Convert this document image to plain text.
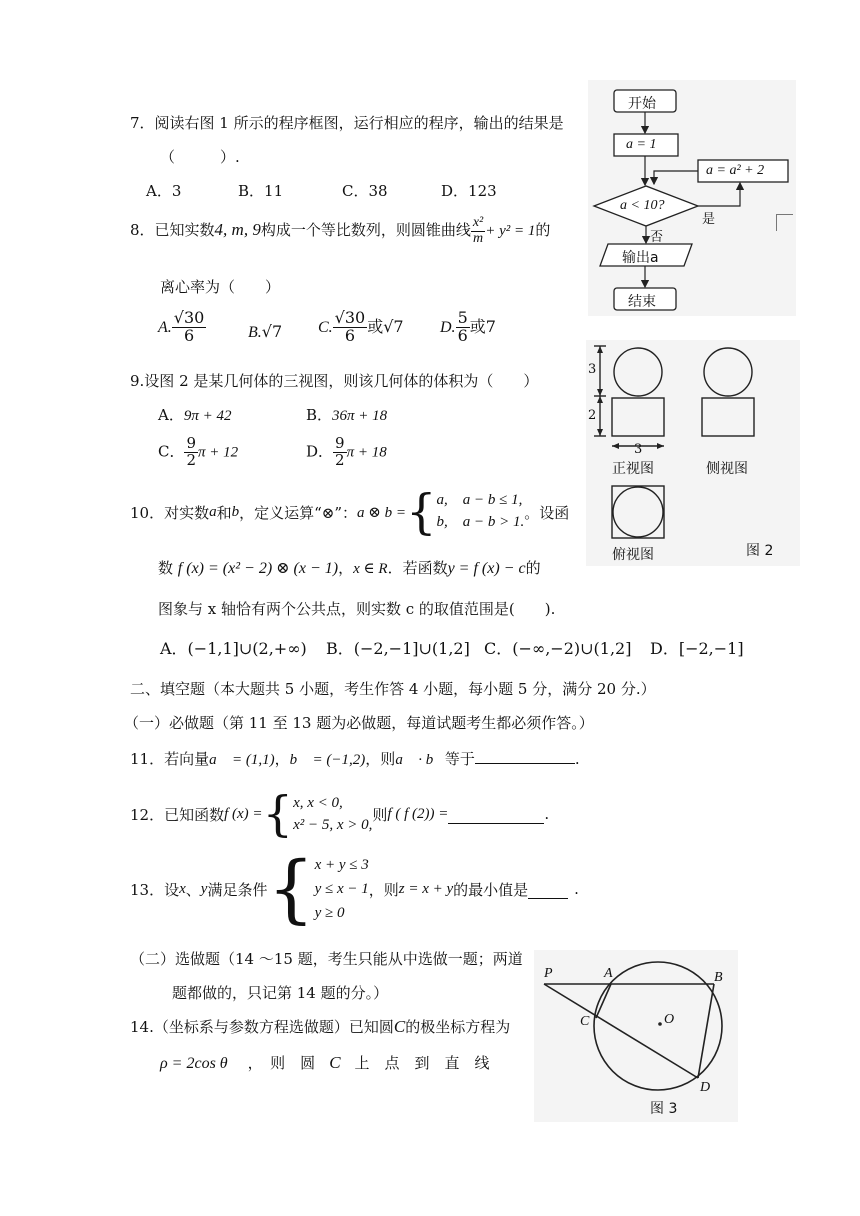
7．阅读右图 1 所示的程序框图，运行相应的程序，输出的结果是
（　　　）.
A．3	B．11	C．38	D．123
8．已知实数4, m, 9构成一个等比数列，则圆锥曲线 $\frac{\text{x²}}{m} + y^2 = 1$的
离心率为（　　）
A. $\frac{√30}{6}$	B.√7 C. $\frac{√30}{6}$ 或√7 D. $\frac{5}{6}$ 或7
9.设图 2 是某几何体的三视图，则该几何体的体积为（　　）
A．9π + 42	B．36π + 18
C． $\frac{9}{2}$ π + 12	D． $\frac{9}{2}$ π + 18
10．对实数 a 和 b ，定义运算“⊗”： a ⊗ b = { a,　a − b ≤ 1,
b,　a − b > 1.
。设函
数 f (x) = (x² − 2) ⊗ (x − 1)，x ∈ R．若函数y = f (x) − c的
图象与 x 轴恰有两个公共点，则实数 c 的取值范围是(　　).
A．(−1,1]∪(2,+∞) B．(−2,−1]∪(1,2] C．(−∞,−2)∪(1,2] D．[−2,−1]
二、填空题（本大题共 5 小题，考生作答 4 小题，每小题 5 分，满分 20 分.）
（一）必做题（第 11 至 13 题为必做题，每道试题考生都必须作答。）
11．若向量a⃗ = (1,1)，b⃗ = (−1,2)，则a⃗ · b⃗等于	.
12．已知函数 f (x) = { x, x < 0,
x² − 5, x > 0,
则 f ( f (2)) =	.
13．设 x 、 y 满足条件 { x + y ≤ 3
y ≤ x − 1
y ≥ 0
，则 z = x + y 的最小值是	.
（二）选做题（14 ～15 题，考生只能从中选做一题；两道
题都做的，只记第 14 题的分。）
14.（坐标系与参数方程选做题）已知圆C的极坐标方程为
ρ = 2cos θ ，　则　圆 C 上　点　到　直　线
开始
a = 1
a = a² + 2
a < 10?
是
否
输出a
结束
3
2
3
正视图	侧视图
俯视图	图 2
P	A	B
C	O
D
图 3
